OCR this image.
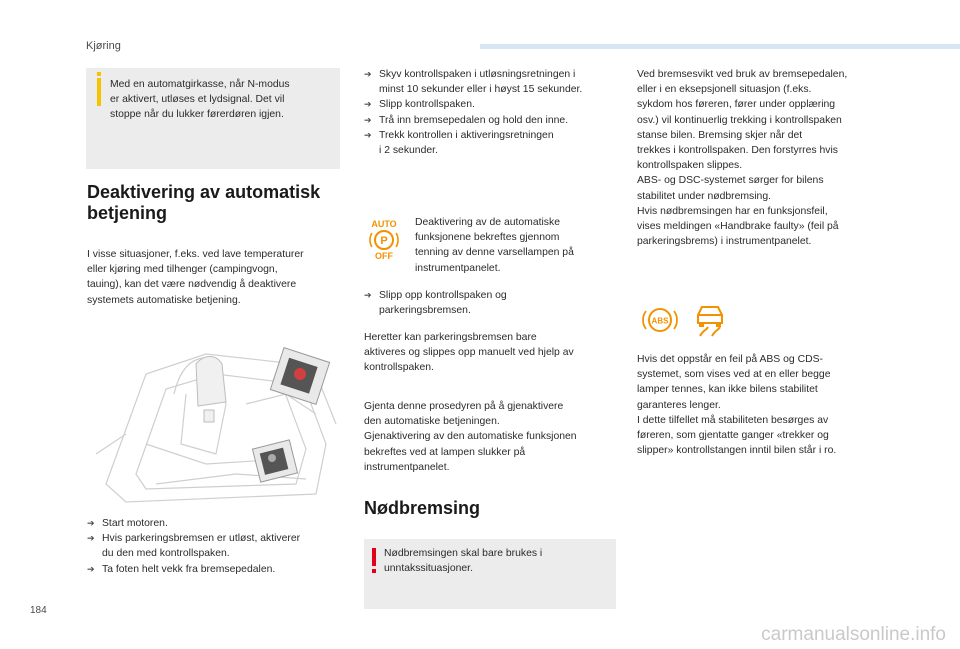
Kjøring

Med en automatgirkasse, når N-modus

er aktivert, utløses et lydsignal. Det vil

stoppe når du lukker førerdøren igjen.

Deaktivering av automatisk
betjening

I visse situasjoner, f.eks. ved lave temperaturer

eller kjøring med tilhenger (campingvogn,

tauing), kan det være nødvendig å deaktivere

systemets automatiske betjening.

➔ Start motoren.
➔ Hvis parkeringsbremsen er utløst, aktiverer
du den med kontrollspaken.
➔ Ta foten helt vekk fra bremsepedalen.
➔ Skyv kontrollspaken i utløsningsretningen i
minst 10 sekunder eller i høyst 15 sekunder.
➔ Slipp kontrollspaken.
➔ Trå inn bremsepedalen og hold den inne.
➔ Trekk kontrollen i aktiveringsretningen
i 2 sekunder.
AUTO
P
OFF

Deaktivering av de automatiske

funksjonene bekreftes gjennom

tenning av denne varsellampen på

instrumentpanelet.

➔ Slipp opp kontrollspaken og
parkeringsbremsen.

Heretter kan parkeringsbremsen bare

aktiveres og slippes opp manuelt ved hjelp av

kontrollspaken.

Gjenta denne prosedyren på å gjenaktivere

den automatiske betjeningen.

Gjenaktivering av den automatiske funksjonen

bekreftes ved at lampen slukker på

instrumentpanelet.

Nødbremsing

Nødbremsingen skal bare brukes i

unntakssituasjoner.

Ved bremsesvikt ved bruk av bremsepedalen,

eller i en eksepsjonell situasjon (f.eks.

sykdom hos føreren, fører under opplæring

osv.) vil kontinuerlig trekking i kontrollspaken

stanse bilen. Bremsing skjer når det

trekkes i kontrollspaken. Den forstyrres hvis

kontrollspaken slippes.

ABS- og DSC-systemet sørger for bilens

stabilitet under nødbremsing.

Hvis nødbremsingen har en funksjonsfeil,

vises meldingen «Handbrake faulty» (feil på

parkeringsbrems) i instrumentpanelet.

ABS

Hvis det oppstår en feil på ABS og CDS-

systemet, som vises ved at en eller begge

lamper tennes, kan ikke bilens stabilitet

garanteres lenger.

I dette tilfellet må stabiliteten besørges av

føreren, som gjentatte ganger «trekker og

slipper» kontrollstangen inntil bilen står i ro.

184
carmanualsonline.info
